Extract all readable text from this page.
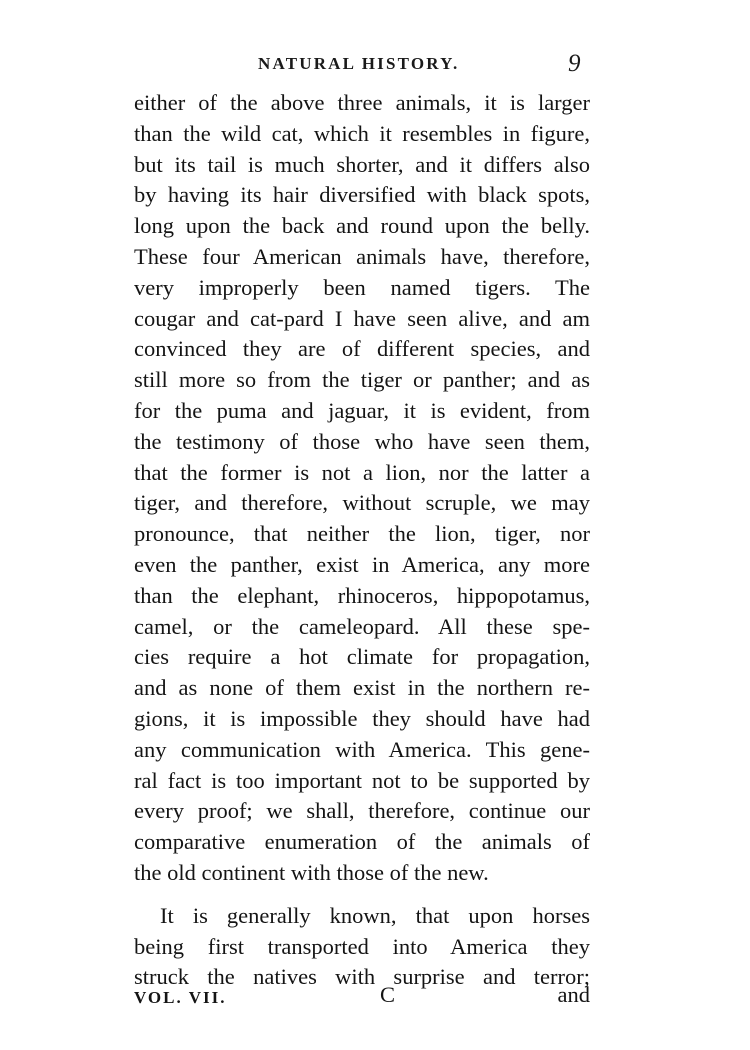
NATURAL HISTORY.	9
either of the above three animals, it is larger
than the wild cat, which it resembles in figure,
but its tail is much shorter, and it differs also
by having its hair diversified with black spots,
long upon the back and round upon the belly.
These four American animals have, therefore,
very improperly been named tigers. The
cougar and cat-pard I have seen alive, and am
convinced they are of different species, and
still more so from the tiger or panther; and as
for the puma and jaguar, it is evident, from
the testimony of those who have seen them,
that the former is not a lion, nor the latter a
tiger, and therefore, without scruple, we may
pronounce, that neither the lion, tiger, nor
even the panther, exist in America, any more
than the elephant, rhinoceros, hippopotamus,
camel, or the cameleopard. All these spe-
cies require a hot climate for propagation,
and as none of them exist in the northern re-
gions, it is impossible they should have had
any communication with America. This gene-
ral fact is too important not to be supported by
every proof; we shall, therefore, continue our
comparative enumeration of the animals of
the old continent with those of the new.
It is generally known, that upon horses
being first transported into America they
struck the natives with surprise and terror;
VOL. VII.	C	and
